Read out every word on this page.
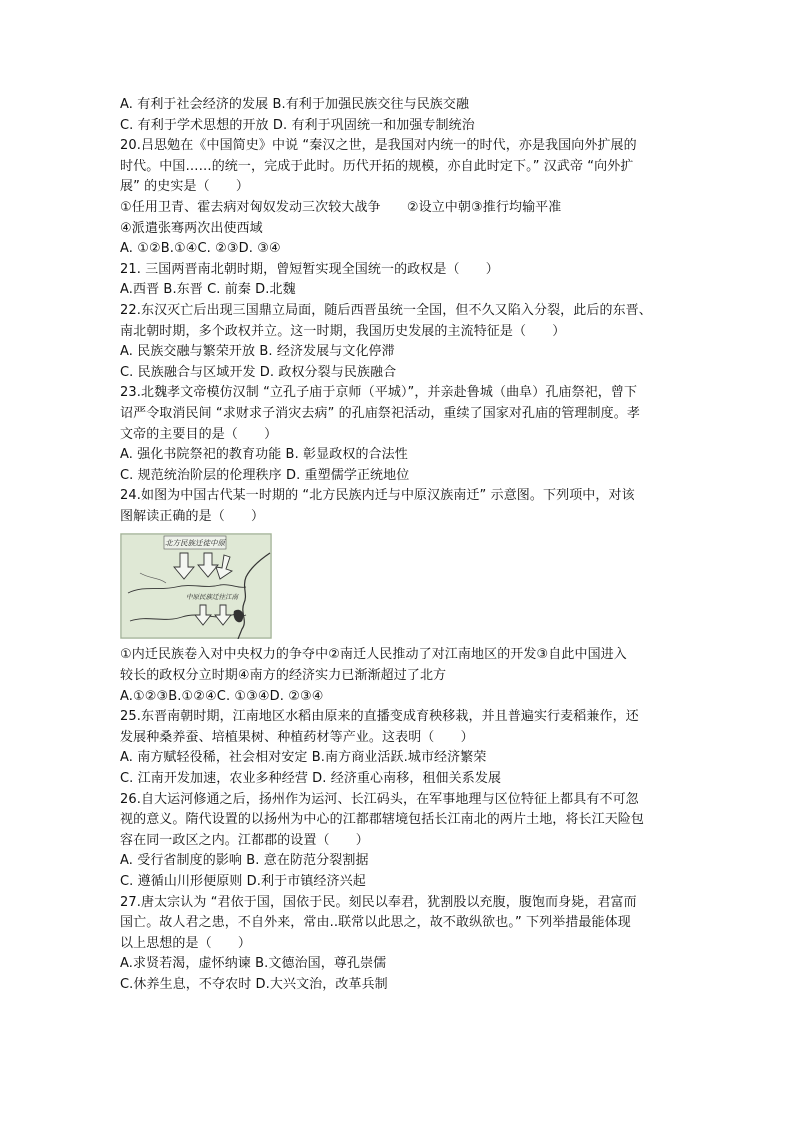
A. 有利于社会经济的发展 B.有利于加强民族交往与民族交融
C. 有利于学术思想的开放 D. 有利于巩固统一和加强专制统治
20.吕思勉在《中国简史》中说 “秦汉之世，是我国对内统一的时代，亦是我国向外扩展的
时代。中国……的统一，完成于此时。历代开拓的规模，亦自此时定下。” 汉武帝 “向外扩
展” 的史实是（　　）
①任用卫青、霍去病对匈奴发动三次较大战争　　②设立中朝③推行均输平准
④派遣张骞两次出使西域
A. ①②B.①④C. ②③D. ③④
21. 三国两晋南北朝时期，曾短暂实现全国统一的政权是（　　）
A.西晋 B.东晋 C. 前秦 D.北魏
22.东汉灭亡后出现三国鼎立局面，随后西晋虽统一全国，但不久又陷入分裂，此后的东晋、
南北朝时期，多个政权并立。这一时期，我国历史发展的主流特征是（　　）
A. 民族交融与繁荣开放 B. 经济发展与文化停滞
C. 民族融合与区域开发 D. 政权分裂与民族融合
23.北魏孝文帝模仿汉制 “立孔子庙于京师（平城）”，并亲赴鲁城（曲阜）孔庙祭祀，曾下
诏严令取消民间 “求财求子消灾去病” 的孔庙祭祀活动，重续了国家对孔庙的管理制度。孝
文帝的主要目的是（　　）
A. 强化书院祭祀的教育功能 B. 彰显政权的合法性
C. 规范统治阶层的伦理秩序 D. 重塑儒学正统地位
24.如图为中国古代某一时期的 “北方民族内迁与中原汉族南迁” 示意图。下列项中，对该
图解读正确的是（　　）
北方民族迁徙中原
中原民族迁往江南
①内迁民族卷入对中央权力的争夺中②南迁人民推动了对江南地区的开发③自此中国进入
较长的政权分立时期④南方的经济实力已渐渐超过了北方
A.①②③B.①②④C. ①③④D. ②③④
25.东晋南朝时期，江南地区水稻由原来的直播变成育秧移栽，并且普遍实行麦稻兼作，还
发展种桑养蚕、培植果树、种植药材等产业。这表明（　　）
A. 南方赋轻役稀，社会相对安定 B.南方商业活跃.城市经济繁荣
C. 江南开发加速，农业多种经营 D. 经济重心南移，租佃关系发展
26.自大运河修通之后，扬州作为运河、长江码头，在军事地理与区位特征上都具有不可忽
视的意义。隋代设置的以扬州为中心的江都郡辖境包括长江南北的两片土地，将长江天险包
容在同一政区之内。江都郡的设置（　　）
A. 受行省制度的影响 B. 意在防范分裂割据
C. 遵循山川形便原则 D.利于市镇经济兴起
27.唐太宗认为 “君依于国，国依于民。刻民以奉君，犹割股以充腹，腹饱而身毙，君富而
国亡。故人君之患，不自外来，常由..联常以此思之，故不敢纵欲也。” 下列举措最能体现
以上思想的是（　　）
A.求贤若渴，虚怀纳谏 B.文德治国，尊孔崇儒
C.休养生息，不夺农时 D.大兴文治，改革兵制
